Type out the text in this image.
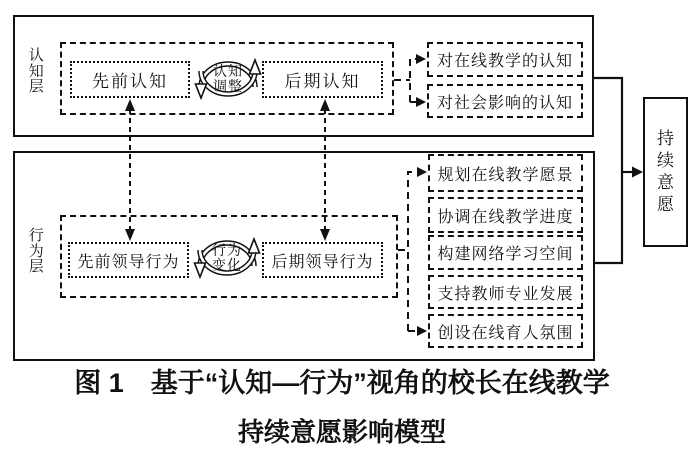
认知层	先前认知	后期认知
认知
调整
对在线教学的认知
对社会影响的认知
行为层 先前领导行为	后期领导行为
行为
变化
规划在线教学愿景
协调在线教学进度
构建网络学习空间
支持教师专业发展
创设在线育人氛围
持续意愿
图 1　基于“认知—行为”视角的校长在线教学
持续意愿影响模型
